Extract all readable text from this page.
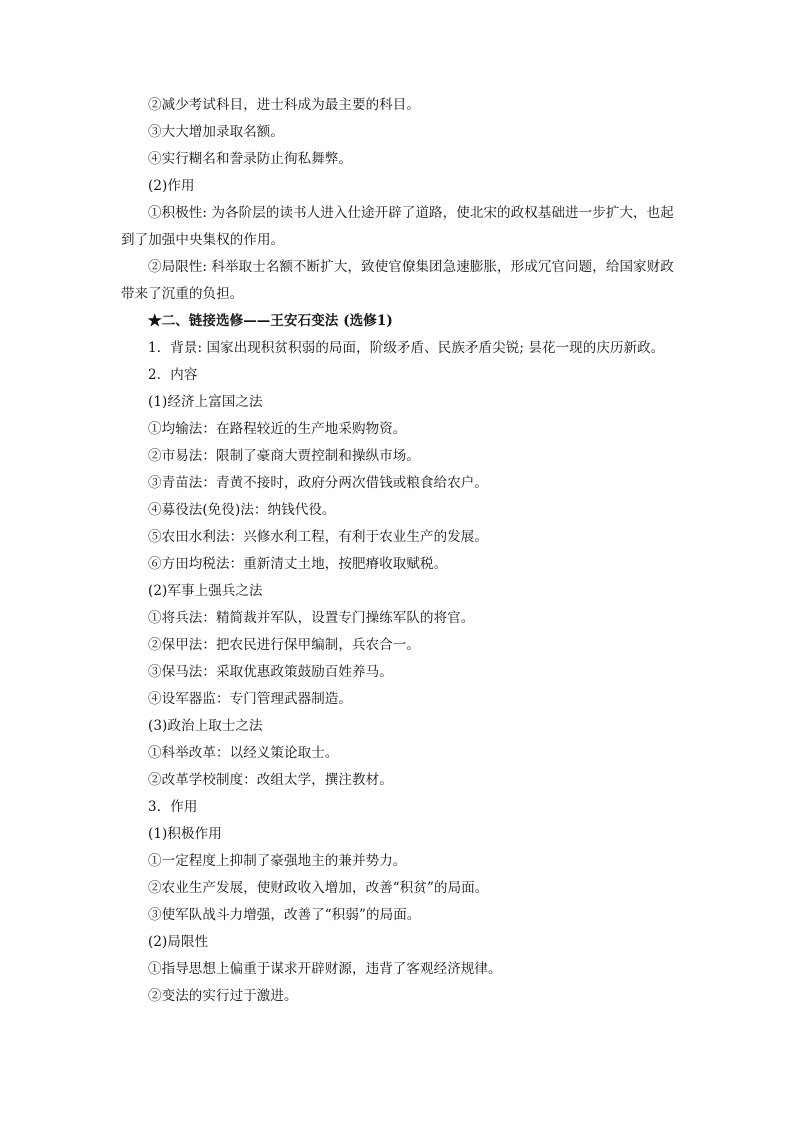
②减少考试科目，进士科成为最主要的科目。
③大大增加录取名额。
④实行糊名和誊录防止徇私舞弊。
(2)作用
①积极性: 为各阶层的读书人进入仕途开辟了道路，使北宋的政权基础进一步扩大，也起到了加强中央集权的作用。
②局限性: 科举取士名额不断扩大，致使官僚集团急速膨胀，形成冗官问题，给国家财政带来了沉重的负担。
★二、链接选修——王安石变法 (选修1)
1．背景: 国家出现积贫积弱的局面，阶级矛盾、民族矛盾尖锐; 昙花一现的庆历新政。
2．内容
(1)经济上富国之法
①均输法：在路程较近的生产地采购物资。
②市易法：限制了豪商大贾控制和操纵市场。
③青苗法：青黄不接时，政府分两次借钱或粮食给农户。
④募役法(免役)法：纳钱代役。
⑤农田水利法：兴修水利工程，有利于农业生产的发展。
⑥方田均税法：重新清丈土地，按肥瘠收取赋税。
(2)军事上强兵之法
①将兵法：精简裁并军队，设置专门操练军队的将官。
②保甲法：把农民进行保甲编制，兵农合一。
③保马法：采取优惠政策鼓励百姓养马。
④设军器监：专门管理武器制造。
(3)政治上取士之法
①科举改革：以经义策论取士。
②改革学校制度：改组太学，撰注教材。
3．作用
(1)积极作用
①一定程度上抑制了豪强地主的兼并势力。
②农业生产发展，使财政收入增加，改善“积贫”的局面。
③使军队战斗力增强，改善了“积弱”的局面。
(2)局限性
①指导思想上偏重于谋求开辟财源，违背了客观经济规律。
②变法的实行过于激进。
